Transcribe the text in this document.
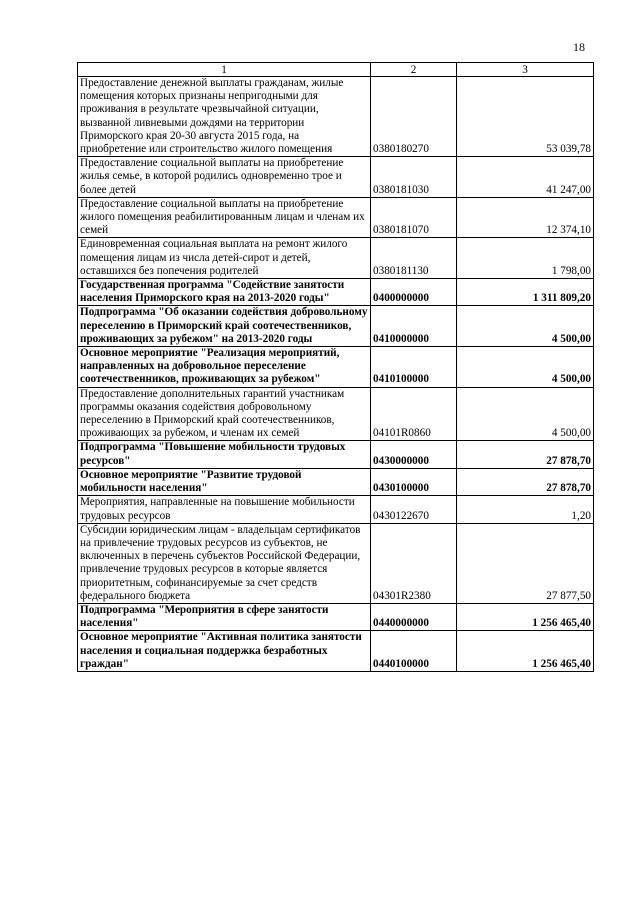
18
1	2	3
Предоставление денежной выплаты гражданам, жилые помещения которых признаны непригодными для проживания в результате чрезвычайной ситуации, вызванной ливневыми дождями на территории Приморского края 20-30 августа 2015 года, на приобретение или строительство жилого помещения	0380180270	53 039,78
Предоставление социальной выплаты на приобретение жилья семье, в которой родились одновременно трое и более детей	0380181030	41 247,00
Предоставление социальной выплаты на приобретение жилого помещения реабилитированным лицам и членам их семей	0380181070	12 374,10
Единовременная социальная выплата на ремонт жилого помещения лицам из числа детей-сирот и детей, оставшихся без попечения родителей	0380181130	1 798,00
Государственная программа "Содействие занятости населения Приморского края на 2013-2020 годы"	0400000000	1 311 809,20
Подпрограмма "Об оказании содействия добровольному переселению в Приморский край соотечественников, проживающих за рубежом" на 2013-2020 годы	0410000000	4 500,00
Основное мероприятие "Реализация мероприятий, направленных на добровольное переселение соотечественников, проживающих за рубежом"	0410100000	4 500,00
Предоставление дополнительных гарантий участникам программы оказания содействия добровольному переселению в Приморский край соотечественников, проживающих за рубежом, и членам их семей	04101R0860	4 500,00
Подпрограмма "Повышение мобильности трудовых ресурсов"	0430000000	27 878,70
Основное мероприятие "Развитие трудовой мобильности населения"	0430100000	27 878,70
Мероприятия, направленные на повышение мобильности трудовых ресурсов	0430122670	1,20
Субсидии юридическим лицам - владельцам сертификатов на привлечение трудовых ресурсов из субъектов, не включенных в перечень субъектов Российской Федерации, привлечение трудовых ресурсов в которые является приоритетным, софинансируемые за счет средств федерального бюджета	04301R2380	27 877,50
Подпрограмма "Мероприятия в сфере занятости населения"	0440000000	1 256 465,40
Основное мероприятие "Активная политика занятости населения и социальная поддержка безработных граждан"	0440100000	1 256 465,40
